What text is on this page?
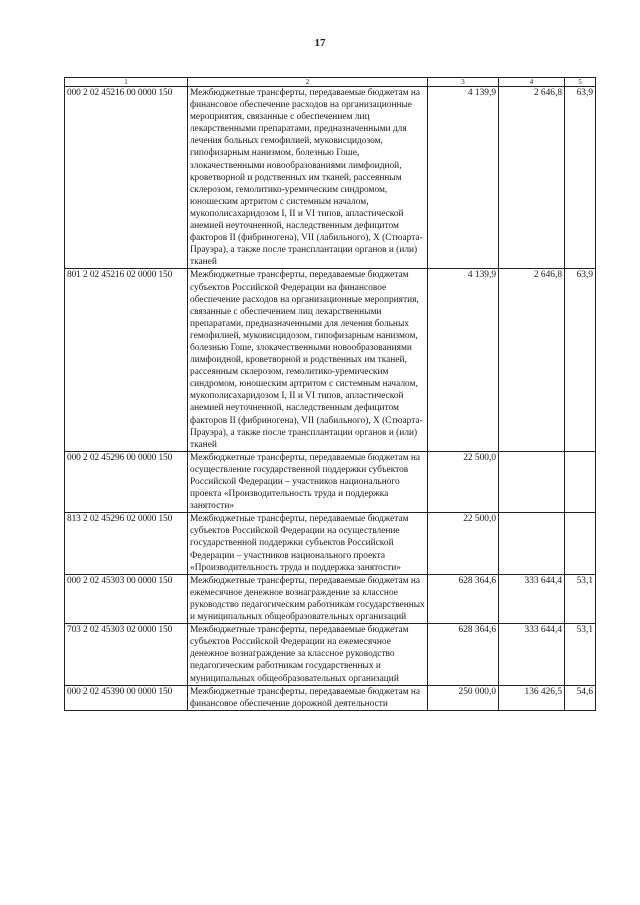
17
1	2	3	4	5
000 2 02 45216 00 0000 150	Межбюджетные трансферты, передаваемые бюджетам на финансовое обеспечение расходов на организационные мероприятия, связанные с обеспечением лиц лекарственными препаратами, предназначенными для лечения больных гемофилией, муковисцидозом, гипофизарным нанизмом, болезнью Гоше, злокачественными новообразованиями лимфоидной, кроветворной и родственных им тканей, рассеянным склерозом, гемолитико-уремическим синдромом, юношеским артритом с системным началом, мукополисахаридозом I, II и VI типов, апластической анемией неуточненной, наследственным дефицитом факторов II (фибриногена), VII (лабильного), X (Стюарта-Прауэра), а также после трансплантации органов и (или) тканей	4 139,9	2 646,8	63,9
801 2 02 45216 02 0000 150	Межбюджетные трансферты, передаваемые бюджетам субъектов Российской Федерации на финансовое обеспечение расходов на организационные мероприятия, связанные с обеспечением лиц лекарственными препаратами, предназначенными для лечения больных гемофилией, муковисцидозом, гипофизарным нанизмом, болезнью Гоше, злокачественными новообразованиями лимфоидной, кроветворной и родственных им тканей, рассеянным склерозом, гемолитико-уремическим синдромом, юношеским артритом с системным началом, мукополисахаридозом I, II и VI типов, апластической анемией неуточненной, наследственным дефицитом факторов II (фибриногена), VII (лабильного), X (Стюарта-Прауэра), а также после трансплантации органов и (или) тканей	4 139,9	2 646,8	63,9
000 2 02 45296 00 0000 150	Межбюджетные трансферты, передаваемые бюджетам на осуществление государственной поддержки субъектов Российской Федерации – участников национального проекта «Производительность труда и поддержка занятости»	22 500,0		
813 2 02 45296 02 0000 150	Межбюджетные трансферты, передаваемые бюджетам субъектов Российской Федерации на осуществление государственной поддержки субъектов Российской Федерации – участников национального проекта «Производительность труда и поддержка занятости»	22 500,0		
000 2 02 45303 00 0000 150	Межбюджетные трансферты, передаваемые бюджетам на ежемесячное денежное вознаграждение за классное руководство педагогическим работникам государственных и муниципальных общеобразовательных организаций	628 364,6	333 644,4	53,1
703 2 02 45303 02 0000 150	Межбюджетные трансферты, передаваемые бюджетам субъектов Российской Федерации на ежемесячное денежное вознаграждение за классное руководство педагогическим работникам государственных и муниципальных общеобразовательных организаций	628 364,6	333 644,4	53,1
000 2 02 45390 00 0000 150	Межбюджетные трансферты, передаваемые бюджетам на финансовое обеспечение дорожной деятельности	250 000,0	136 426,5	54,6
